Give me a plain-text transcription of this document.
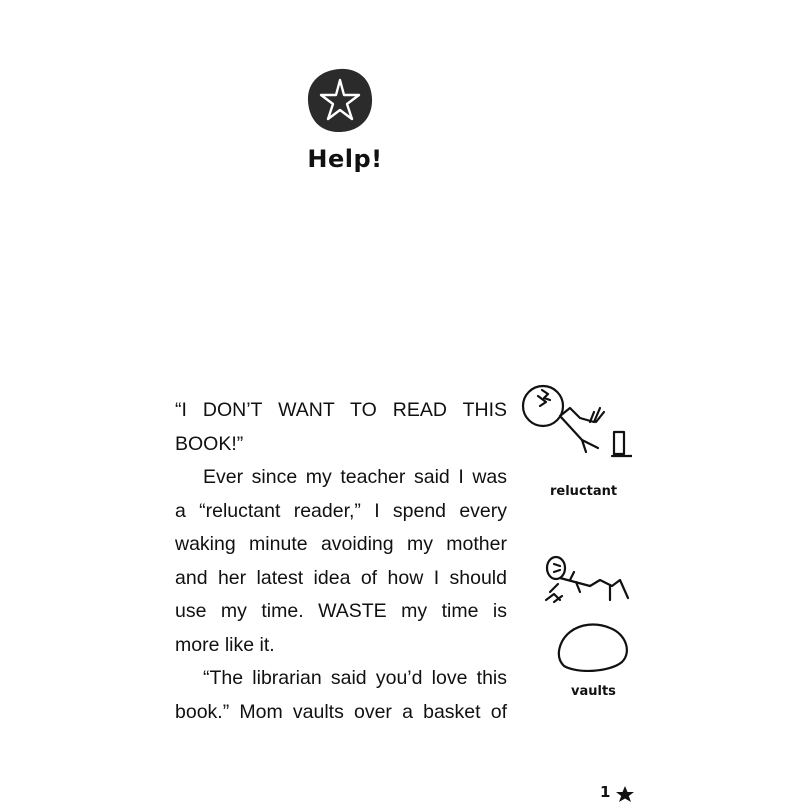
Help!

“I DON’T WANT TO READ THIS
BOOK!”

Ever since my teacher said I was
a “reluctant reader,” I spend every
waking minute avoiding my mother
and her latest idea of how I should
use my time. WASTE my time is
more like it.

“The librarian said you’d love this
book.” Mom vaults over a basket of

reluctant
vaults
1
